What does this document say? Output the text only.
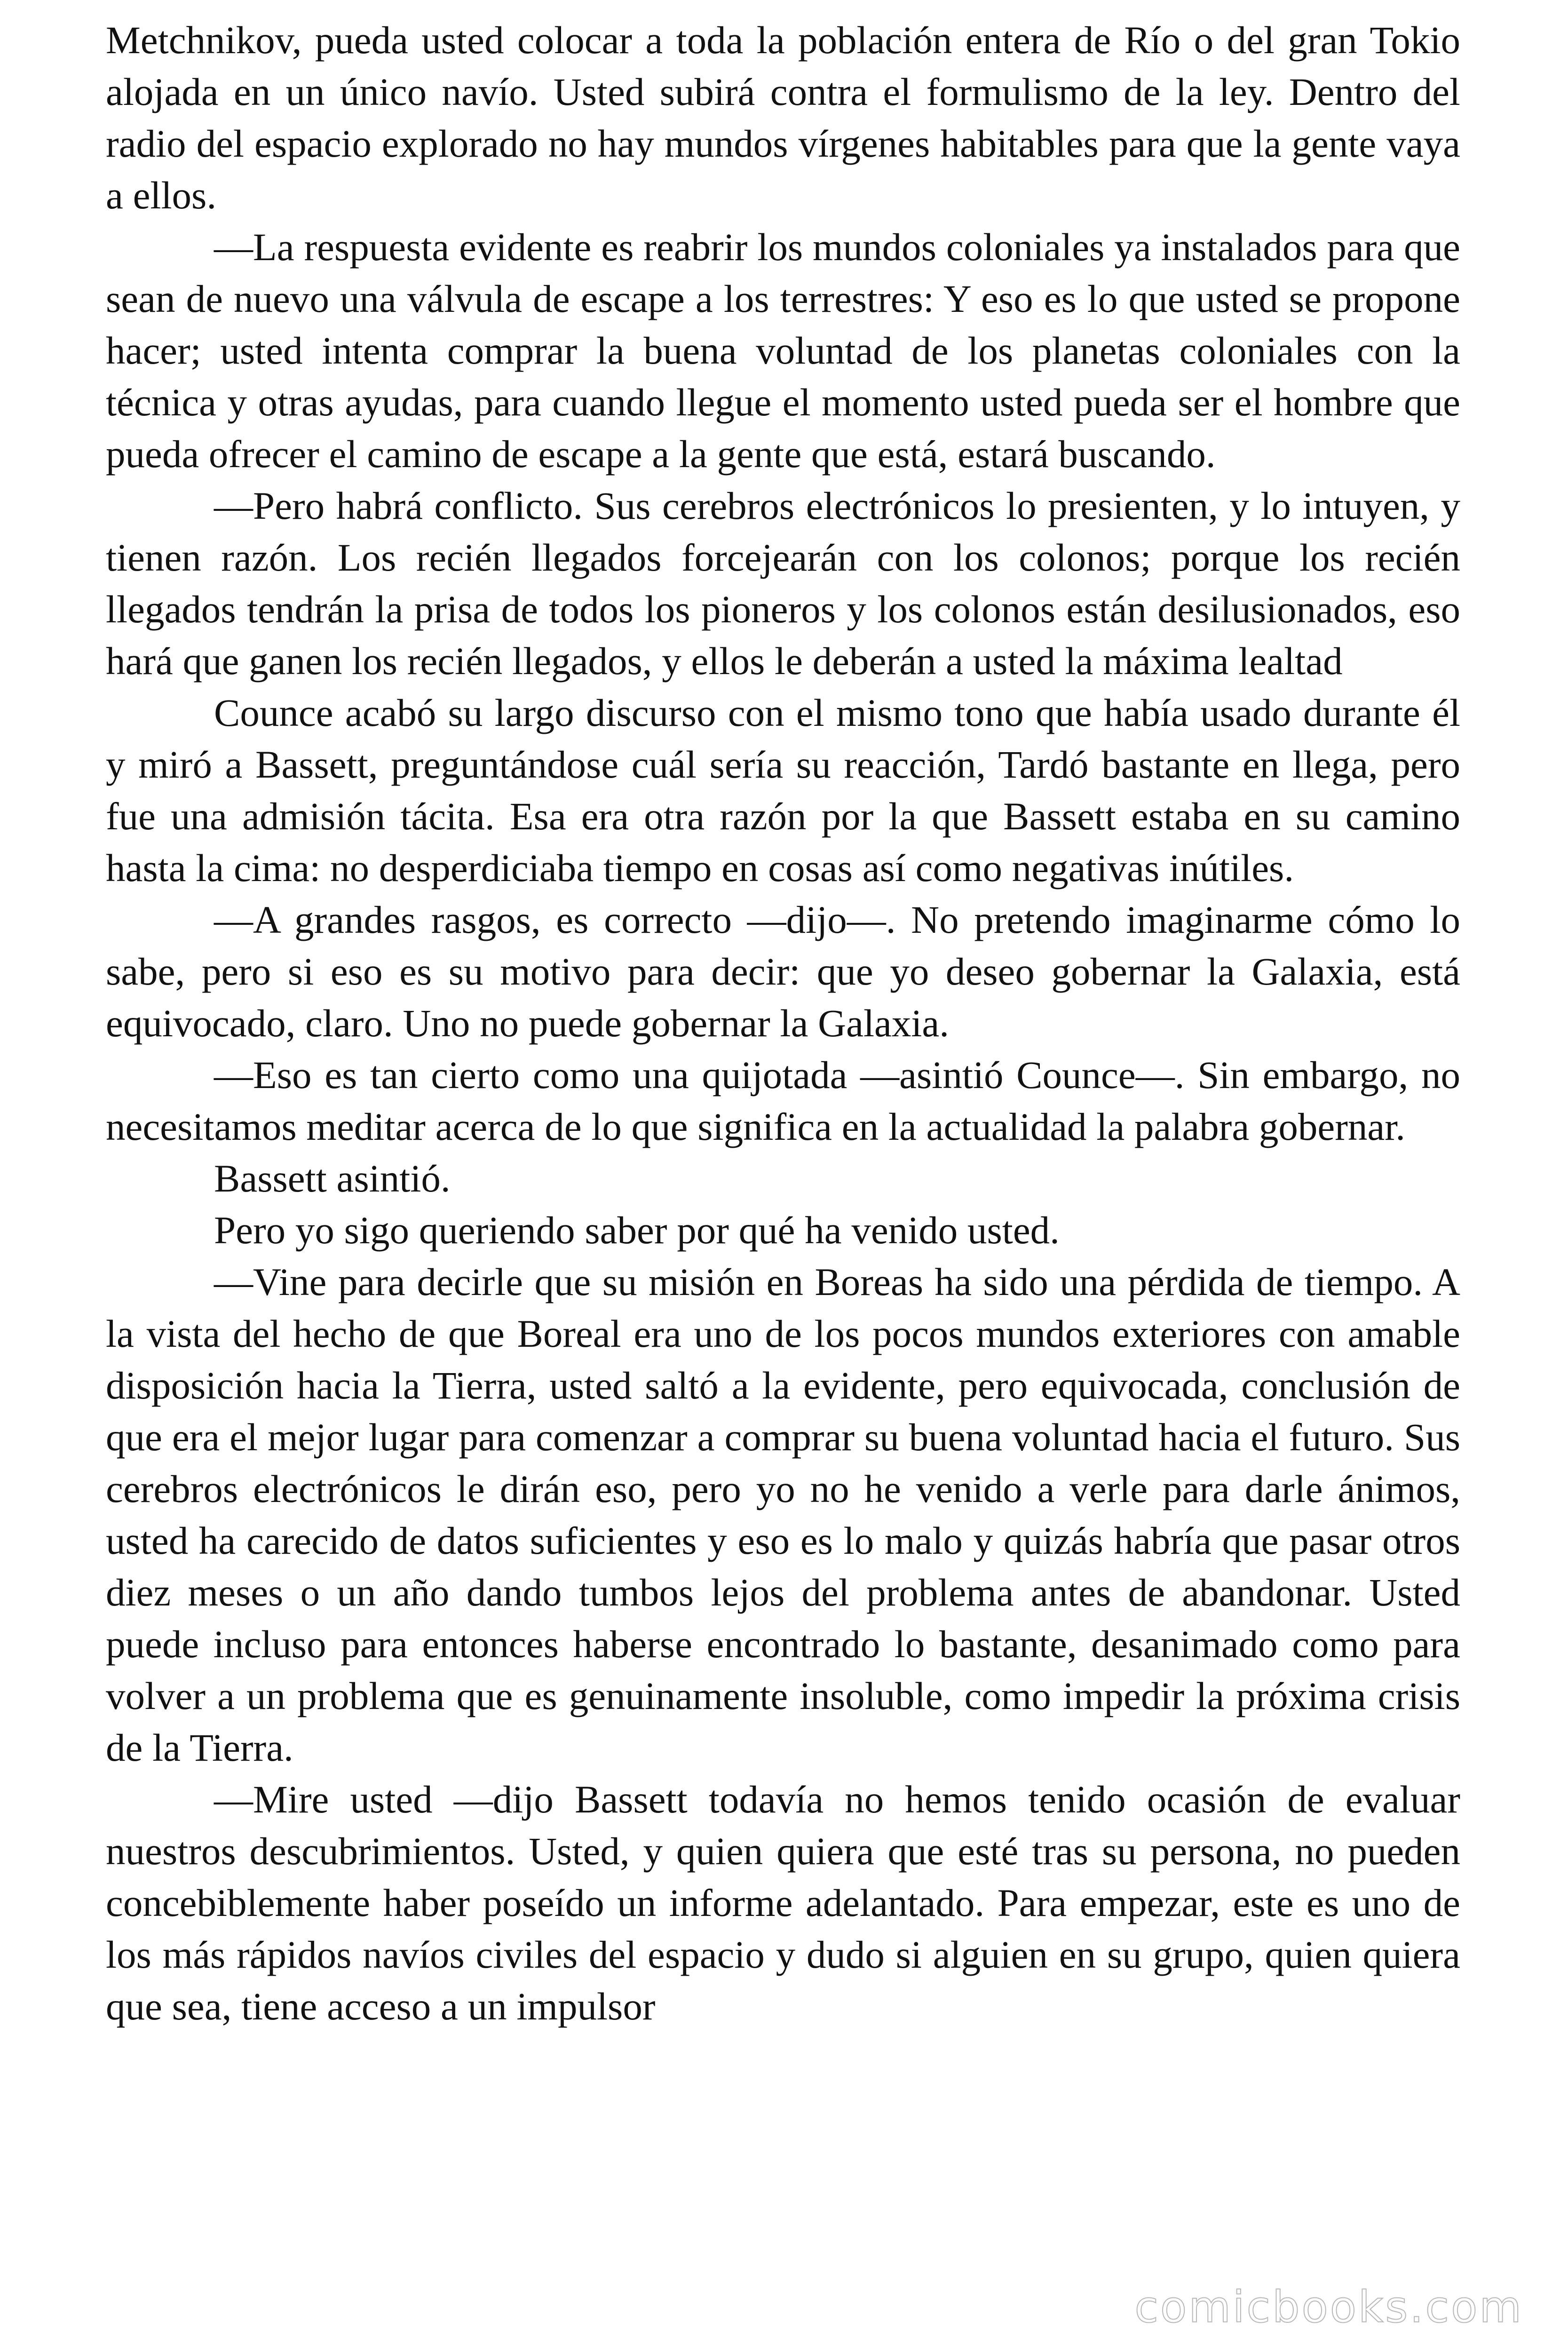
Metchnikov, pueda usted colocar a toda la población entera de Río o del gran Tokio alojada en un único navío. Usted subirá contra el formulismo de la ley. Dentro del radio del espacio explorado no hay mundos vírgenes habitables para que la gente vaya a ellos.

—La respuesta evidente es reabrir los mundos coloniales ya instalados para que sean de nuevo una válvula de escape a los terrestres: Y eso es lo que usted se propone hacer; usted intenta comprar la buena voluntad de los planetas coloniales con la técnica y otras ayudas, para cuando llegue el momento usted pueda ser el hombre que pueda ofrecer el camino de escape a la gente que está, estará buscando.

—Pero habrá conflicto. Sus cerebros electrónicos lo presienten, y lo intuyen, y tienen razón. Los recién llegados forcejearán con los colonos; porque los recién llegados tendrán la prisa de todos los pioneros y los colonos están desilusionados, eso hará que ganen los recién llegados, y ellos le deberán a usted la máxima lealtad

Counce acabó su largo discurso con el mismo tono que había usado durante él y miró a Bassett, preguntándose cuál sería su reacción, Tardó bastante en llega, pero fue una admisión tácita. Esa era otra razón por la que Bassett estaba en su camino hasta la cima: no desperdiciaba tiempo en cosas así como negativas inútiles.

—A grandes rasgos, es correcto —dijo—. No pretendo imaginarme cómo lo sabe, pero si eso es su motivo para decir: que yo deseo gobernar la Galaxia, está equivocado, claro. Uno no puede gobernar la Galaxia.

—Eso es tan cierto como una quijotada —asintió Counce—. Sin embargo, no necesitamos meditar acerca de lo que significa en la actualidad la palabra gobernar.

Bassett asintió.

Pero yo sigo queriendo saber por qué ha venido usted.

—Vine para decirle que su misión en Boreas ha sido una pérdida de tiempo. A la vista del hecho de que Boreal era uno de los pocos mundos exteriores con amable disposición hacia la Tierra, usted saltó a la evidente, pero equivocada, conclusión de que era el mejor lugar para comenzar a comprar su buena voluntad hacia el futuro. Sus cerebros electrónicos le dirán eso, pero yo no he venido a verle para darle ánimos, usted ha carecido de datos suficientes y eso es lo malo y quizás habría que pasar otros diez meses o un año dando tumbos lejos del problema antes de abandonar. Usted puede incluso para entonces haberse encontrado lo bastante, desanimado como para volver a un problema que es genuinamente insoluble, como impedir la próxima crisis de la Tierra.

—Mire usted —dijo Bassett todavía no hemos tenido ocasión de evaluar nuestros descubrimientos. Usted, y quien quiera que esté tras su persona, no pueden concebiblemente haber poseído un informe adelantado. Para empezar, este es uno de los más rápidos navíos civiles del espacio y dudo si alguien en su grupo, quien quiera que sea, tiene acceso a un impulsor

comicbooks.com
